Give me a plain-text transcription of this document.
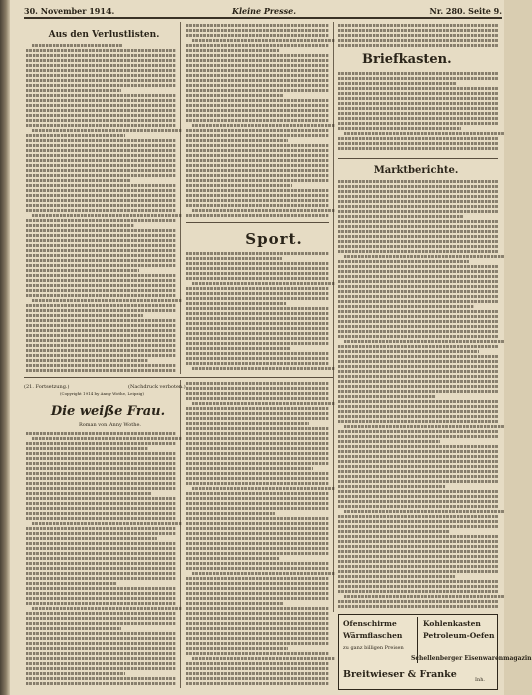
30. November 1914.	Kleine Presse.	Nr. 280. Seite 9.
Aus den Verlustlisten.
Sport.
Briefkasten.
Marktberichte.
(21. Fortsetzung.)	(Nachdruck verboten.)
(Copyright 1914 by Anny Wothe, Leipzig)
Die weiße Frau.
Roman von Anny Wothe.
Ofenschirme	Kohlenkasten
Wärmflaschen	Petroleum-Oefen
zu ganz billigen Preisen
Schellenberger Eisenwarenmagazin
Breitwieser & Franke	Inh.
